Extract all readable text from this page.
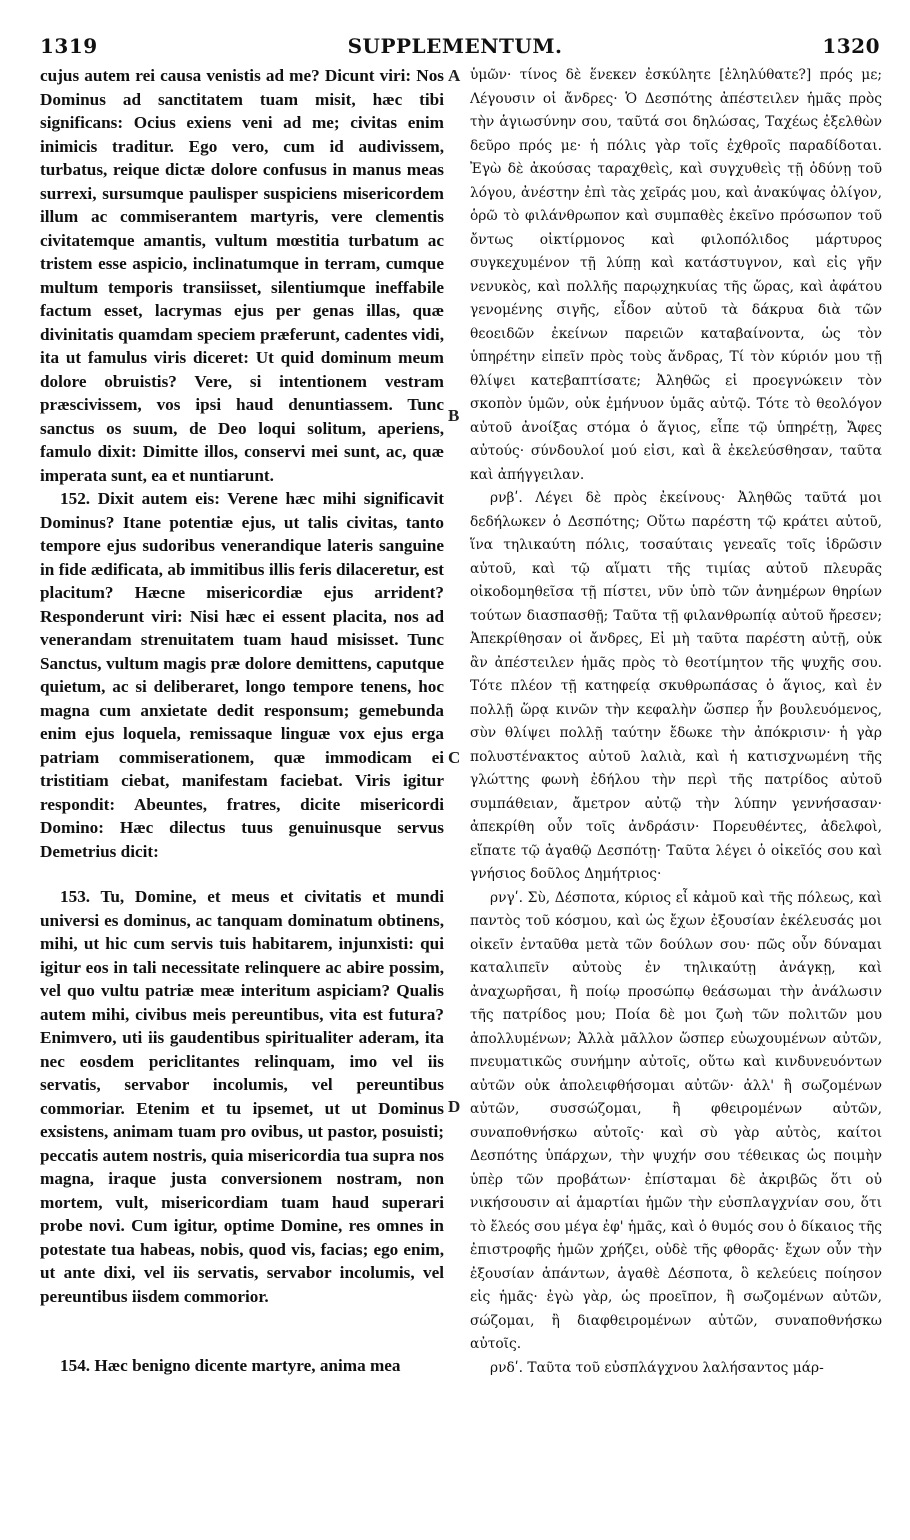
1319	SUPPLEMENTUM.	1320

cujus autem rei causa venistis ad me? Dicunt viri: Nos Dominus ad sanctitatem tuam misit, hæc tibi significans: Ocius exiens veni ad me; civitas enim inimicis traditur. Ego vero, cum id audivissem, turbatus, reique dictæ dolore confusus in manus meas surrexi, sursumque paulisper suspiciens misericordem illum ac commiserantem martyris, vere clementis civitatemque amantis, vultum mœstitia turbatum ac tristem esse aspicio, inclinatumque in terram, cumque multum temporis transiisset, silentiumque ineffabile factum esset, lacrymas ejus per genas illas, quæ divinitatis quamdam speciem præferunt, cadentes vidi, ita ut famulus viris diceret: Ut quid dominum meum dolore obruistis? Vere, si intentionem vestram præscivissem, vos ipsi haud denuntiassem. Tunc sanctus os suum, de Deo loqui solitum, aperiens, famulo dixit: Dimitte illos, conservi mei sunt, ac, quæ imperata sunt, ea et nuntiarunt.

152. Dixit autem eis: Verene hæc mihi significavit Dominus? Itane potentiæ ejus, ut talis civitas, tanto tempore ejus sudoribus venerandique lateris sanguine in fide ædificata, ab immitibus illis feris dilaceretur, est placitum? Hæcne misericordiæ ejus arrident? Responderunt viri: Nisi hæc ei essent placita, nos ad venerandam strenuitatem tuam haud misisset. Tunc Sanctus, vultum magis præ dolore demittens, caputque quietum, ac si deliberaret, longo tempore tenens, hoc magna cum anxietate dedit responsum; gemebunda enim ejus loquela, remissaque linguæ vox ejus erga patriam commiserationem, quæ immodicam ei tristitiam ciebat, manifestam faciebat. Viris igitur respondit: Abeuntes, fratres, dicite misericordi Domino: Hæc dilectus tuus genuinusque servus Demetrius dicit:

153. Tu, Domine, et meus et civitatis et mundi universi es dominus, ac tanquam dominatum obtinens, mihi, ut hic cum servis tuis habitarem, injunxisti: qui igitur eos in tali necessitate relinquere ac abire possim, vel quo vultu patriæ meæ interitum aspiciam? Qualis autem mihi, civibus meis pereuntibus, vita est futura? Enimvero, uti iis gaudentibus spiritualiter aderam, ita nec eosdem periclitantes relinquam, imo vel iis servatis, servabor incolumis, vel pereuntibus commoriar. Etenim et tu ipsemet, ut ut Dominus exsistens, animam tuam pro ovibus, ut pastor, posuisti; peccatis autem nostris, quia misericordia tua supra nos magna, iraque justa conversionem nostram, non mortem, vult, misericordiam tuam haud superari probe novi. Cum igitur, optime Domine, res omnes in potestate tua habeas, nobis, quod vis, facias; ego enim, ut ante dixi, vel iis servatis, servabor incolumis, vel pereuntibus iisdem commorior.

154. Hæc benigno dicente martyre, anima mea

A
B
C
D

ὑμῶν· τίνος δὲ ἕνεκεν ἐσκύλητε [ἐληλύθατε?] πρός με; Λέγουσιν οἱ ἄνδρες· Ὁ Δεσπότης ἀπέστειλεν ἡμᾶς πρὸς τὴν ἁγιωσύνην σου, ταῦτά σοι δηλώσας, Ταχέως ἐξελθὼν δεῦρο πρός με· ἡ πόλις γὰρ τοῖς ἐχθροῖς παραδίδοται. Ἐγὼ δὲ ἀκούσας ταραχθεὶς, καὶ συγχυθεὶς τῇ ὀδύνῃ τοῦ λόγου, ἀνέστην ἐπὶ τὰς χεῖράς μου, καὶ ἀνακύψας ὀλίγον, ὁρῶ τὸ φιλάνθρωπον καὶ συμπαθὲς ἐκεῖνο πρόσωπον τοῦ ὄντως οἰκτίρμονος καὶ φιλοπόλιδος μάρτυρος συγκεχυμένον τῇ λύπῃ καὶ κατάστυγνον, καὶ εἰς γῆν νενυκὸς, καὶ πολλῆς παρῳχηκυίας τῆς ὥρας, καὶ ἀφάτου γενομένης σιγῆς, εἶδον αὐτοῦ τὰ δάκρυα διὰ τῶν θεοειδῶν ἐκείνων παρειῶν καταβαίνοντα, ὡς τὸν ὑπηρέτην εἰπεῖν πρὸς τοὺς ἄνδρας, Τί τὸν κύριόν μου τῇ θλίψει κατεβαπτίσατε; Ἀληθῶς εἰ προεγνώκειν τὸν σκοπὸν ὑμῶν, οὐκ ἐμήνυον ὑμᾶς αὐτῷ. Τότε τὸ θεολόγον αὐτοῦ ἀνοίξας στόμα ὁ ἅγιος, εἶπε τῷ ὑπηρέτῃ, Ἄφες αὐτούς· σύνδουλοί μού εἰσι, καὶ ἃ ἐκελεύσθησαν, ταῦτα καὶ ἀπήγγειλαν.

ρνβʹ. Λέγει δὲ πρὸς ἐκείνους· Ἀληθῶς ταῦτά μοι δεδήλωκεν ὁ Δεσπότης; Οὕτω παρέστη τῷ κράτει αὐτοῦ, ἵνα τηλικαύτη πόλις, τοσαύταις γενεαῖς τοῖς ἱδρῶσιν αὐτοῦ, καὶ τῷ αἵματι τῆς τιμίας αὐτοῦ πλευρᾶς οἰκοδομηθεῖσα τῇ πίστει, νῦν ὑπὸ τῶν ἀνημέρων θηρίων τούτων διασπασθῇ; Ταῦτα τῇ φιλανθρωπίᾳ αὐτοῦ ἤρεσεν; Ἀπεκρίθησαν οἱ ἄνδρες, Εἰ μὴ ταῦτα παρέστη αὐτῇ, οὐκ ἂν ἀπέστειλεν ἡμᾶς πρὸς τὸ θεοτίμητον τῆς ψυχῆς σου. Τότε πλέον τῇ κατηφείᾳ σκυθρωπάσας ὁ ἅγιος, καὶ ἐν πολλῇ ὥρᾳ κινῶν τὴν κεφαλὴν ὥσπερ ἦν βουλευόμενος, σὺν θλίψει πολλῇ ταύτην ἔδωκε τὴν ἀπόκρισιν· ἡ γὰρ πολυστένακτος αὐτοῦ λαλιὰ, καὶ ἡ κατισχνωμένη τῆς γλώττης φωνὴ ἐδήλου τὴν περὶ τῆς πατρίδος αὐτοῦ συμπάθειαν, ἄμετρον αὐτῷ τὴν λύπην γεννήσασαν· ἀπεκρίθη οὖν τοῖς ἀνδράσιν· Πορευθέντες, ἀδελφοὶ, εἴπατε τῷ ἀγαθῷ Δεσπότῃ· Ταῦτα λέγει ὁ οἰκεῖός σου καὶ γνήσιος δοῦλος Δημήτριος·

ρνγʹ. Σὺ, Δέσποτα, κύριος εἶ κἀμοῦ καὶ τῆς πόλεως, καὶ παντὸς τοῦ κόσμου, καὶ ὡς ἔχων ἐξουσίαν ἐκέλευσάς μοι οἰκεῖν ἐνταῦθα μετὰ τῶν δούλων σου· πῶς οὖν δύναμαι καταλιπεῖν αὐτοὺς ἐν τηλικαύτῃ ἀνάγκῃ, καὶ ἀναχωρῆσαι, ἢ ποίῳ προσώπῳ θεάσωμαι τὴν ἀνάλωσιν τῆς πατρίδος μου; Ποία δὲ μοι ζωὴ τῶν πολιτῶν μου ἀπολλυμένων; Ἀλλὰ μᾶλλον ὥσπερ εὐωχουμένων αὐτῶν, πνευματικῶς συνήμην αὐτοῖς, οὕτω καὶ κινδυνευόντων αὐτῶν οὐκ ἀπολειφθήσομαι αὐτῶν· ἀλλ' ἢ σωζομένων αὐτῶν, συσσώζομαι, ἢ φθειρομένων αὐτῶν, συναποθνήσκω αὐτοῖς· καὶ σὺ γὰρ αὐτὸς, καίτοι Δεσπότης ὑπάρχων, τὴν ψυχήν σου τέθεικας ὡς ποιμὴν ὑπὲρ τῶν προβάτων· ἐπίσταμαι δὲ ἀκριβῶς ὅτι οὐ νικήσουσιν αἱ ἁμαρτίαι ἡμῶν τὴν εὐσπλαγχνίαν σου, ὅτι τὸ ἔλεός σου μέγα ἐφ' ἡμᾶς, καὶ ὁ θυμός σου ὁ δίκαιος τῆς ἐπιστροφῆς ἡμῶν χρήζει, οὐδὲ τῆς φθορᾶς· ἔχων οὖν τὴν ἐξουσίαν ἁπάντων, ἀγαθὲ Δέσποτα, ὃ κελεύεις ποίησον εἰς ἡμᾶς· ἐγὼ γὰρ, ὡς προεῖπον, ἢ σωζομένων αὐτῶν, σώζομαι, ἢ διαφθειρομένων αὐτῶν, συναποθνήσκω αὐτοῖς.

ρνδʹ. Ταῦτα τοῦ εὐσπλάγχνου λαλήσαντος μάρ-
